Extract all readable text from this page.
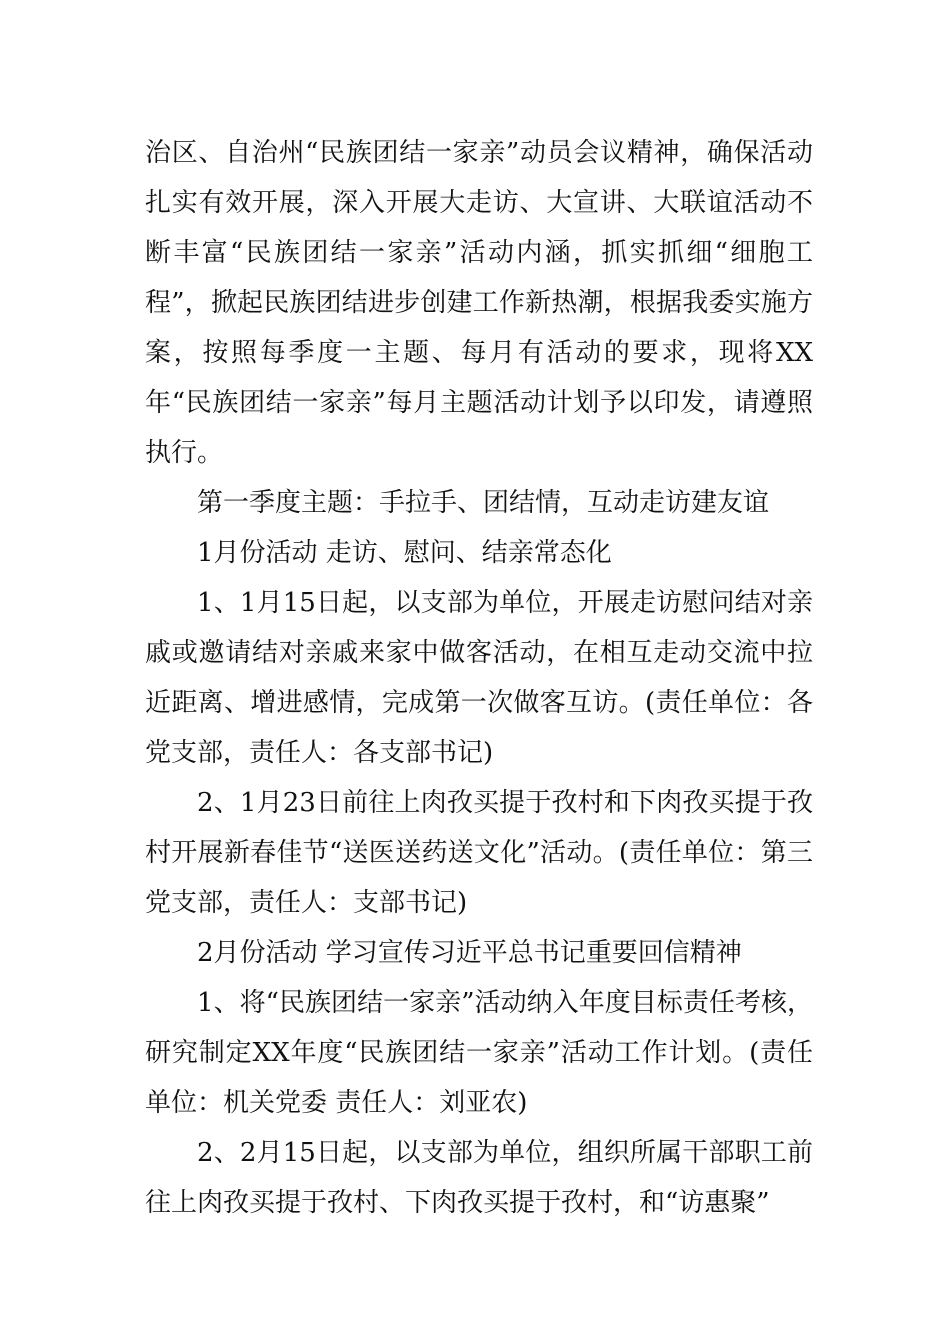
治区、自治州“民族团结一家亲”动员会议精神，确保活动扎实有效开展，深入开展大走访、大宣讲、大联谊活动不断丰富“民族团结一家亲”活动内涵，抓实抓细“细胞工程”，掀起民族团结进步创建工作新热潮，根据我委实施方案，按照每季度一主题、每月有活动的要求，现将XX年“民族团结一家亲”每月主题活动计划予以印发，请遵照执行。

第一季度主题：手拉手、团结情，互动走访建友谊

1月份活动 走访、慰问、结亲常态化

1、1月15日起，以支部为单位，开展走访慰问结对亲戚或邀请结对亲戚来家中做客活动，在相互走动交流中拉近距离、增进感情，完成第一次做客互访。(责任单位：各党支部，责任人：各支部书记)

2、1月23日前往上肉孜买提于孜村和下肉孜买提于孜村开展新春佳节“送医送药送文化”活动。(责任单位：第三党支部，责任人：支部书记)

2月份活动 学习宣传习近平总书记重要回信精神

1、将“民族团结一家亲”活动纳入年度目标责任考核，研究制定XX年度“民族团结一家亲”活动工作计划。(责任单位：机关党委 责任人：刘亚农)

2、2月15日起，以支部为单位，组织所属干部职工前往上肉孜买提于孜村、下肉孜买提于孜村，和“访惠聚”
